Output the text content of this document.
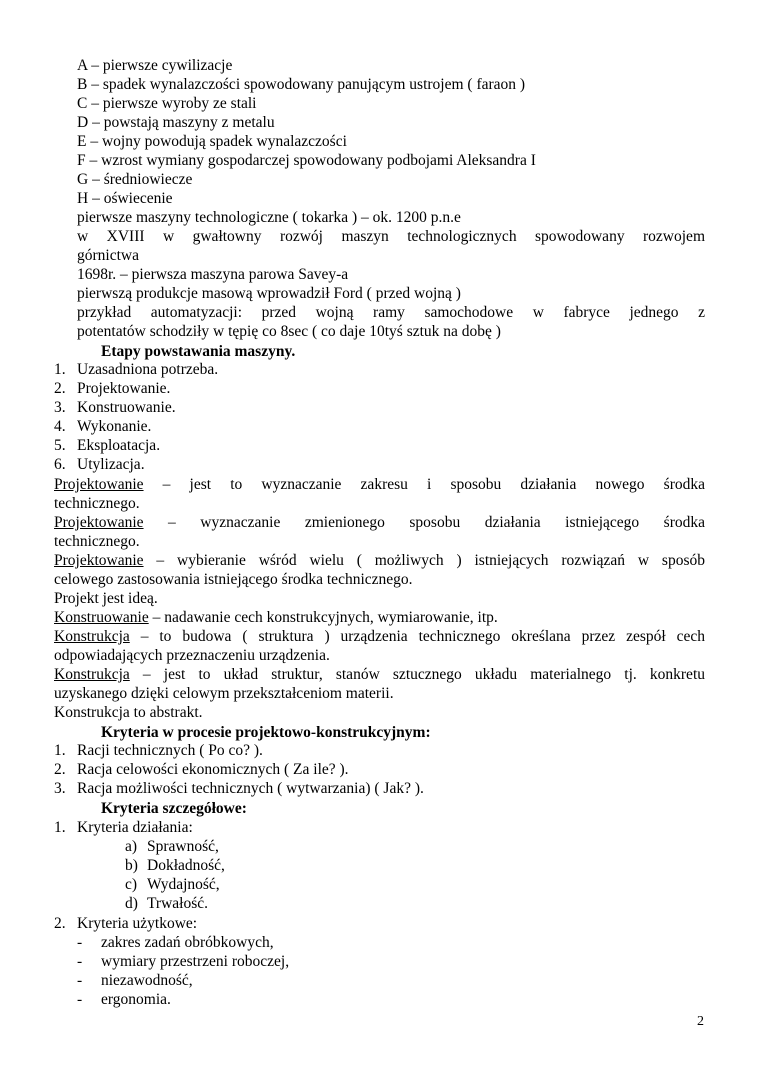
A – pierwsze cywilizacje
B – spadek wynalazczości spowodowany panującym ustrojem ( faraon )
C – pierwsze wyroby ze stali
D – powstają maszyny z metalu
E – wojny powodują spadek wynalazczości
F – wzrost wymiany gospodarczej spowodowany podbojami Aleksandra I
G – średniowiecze
H – oświecenie
pierwsze maszyny technologiczne ( tokarka ) – ok. 1200 p.n.e
w XVIII w gwałtowny rozwój maszyn technologicznych spowodowany rozwojem
górnictwa
1698r. – pierwsza maszyna parowa Savey-a
pierwszą produkcje masową wprowadził Ford ( przed wojną )
przykład automatyzacji: przed wojną ramy samochodowe w fabryce jednego z
potentatów schodziły w tępię co 8sec ( co daje 10tyś sztuk na dobę )
Etapy powstawania maszyny.
1. Uzasadniona potrzeba.
2. Projektowanie.
3. Konstruowanie.
4. Wykonanie.
5. Eksploatacja.
6. Utylizacja.
Projektowanie – jest to wyznaczanie zakresu i sposobu działania nowego środka
technicznego.
Projektowanie – wyznaczanie zmienionego sposobu działania istniejącego środka
technicznego.
Projektowanie – wybieranie wśród wielu ( możliwych ) istniejących rozwiązań w sposób
celowego zastosowania istniejącego środka technicznego.
Projekt jest ideą.
Konstruowanie – nadawanie cech konstrukcyjnych, wymiarowanie, itp.
Konstrukcja – to budowa ( struktura ) urządzenia technicznego określana przez zespół cech
odpowiadających przeznaczeniu urządzenia.
Konstrukcja – jest to układ struktur, stanów sztucznego układu materialnego tj. konkretu
uzyskanego dzięki celowym przekształceniom materii.
Konstrukcja to abstrakt.
Kryteria w procesie projektowo-konstrukcyjnym:
1. Racji technicznych ( Po co? ).
2. Racja celowości ekonomicznych ( Za ile? ).
3. Racja możliwości technicznych ( wytwarzania) ( Jak? ).
Kryteria szczegółowe:
1. Kryteria działania:
a) Sprawność,
b) Dokładność,
c) Wydajność,
d) Trwałość.
2. Kryteria użytkowe:
- zakres zadań obróbkowych,
- wymiary przestrzeni roboczej,
- niezawodność,
- ergonomia.
2
